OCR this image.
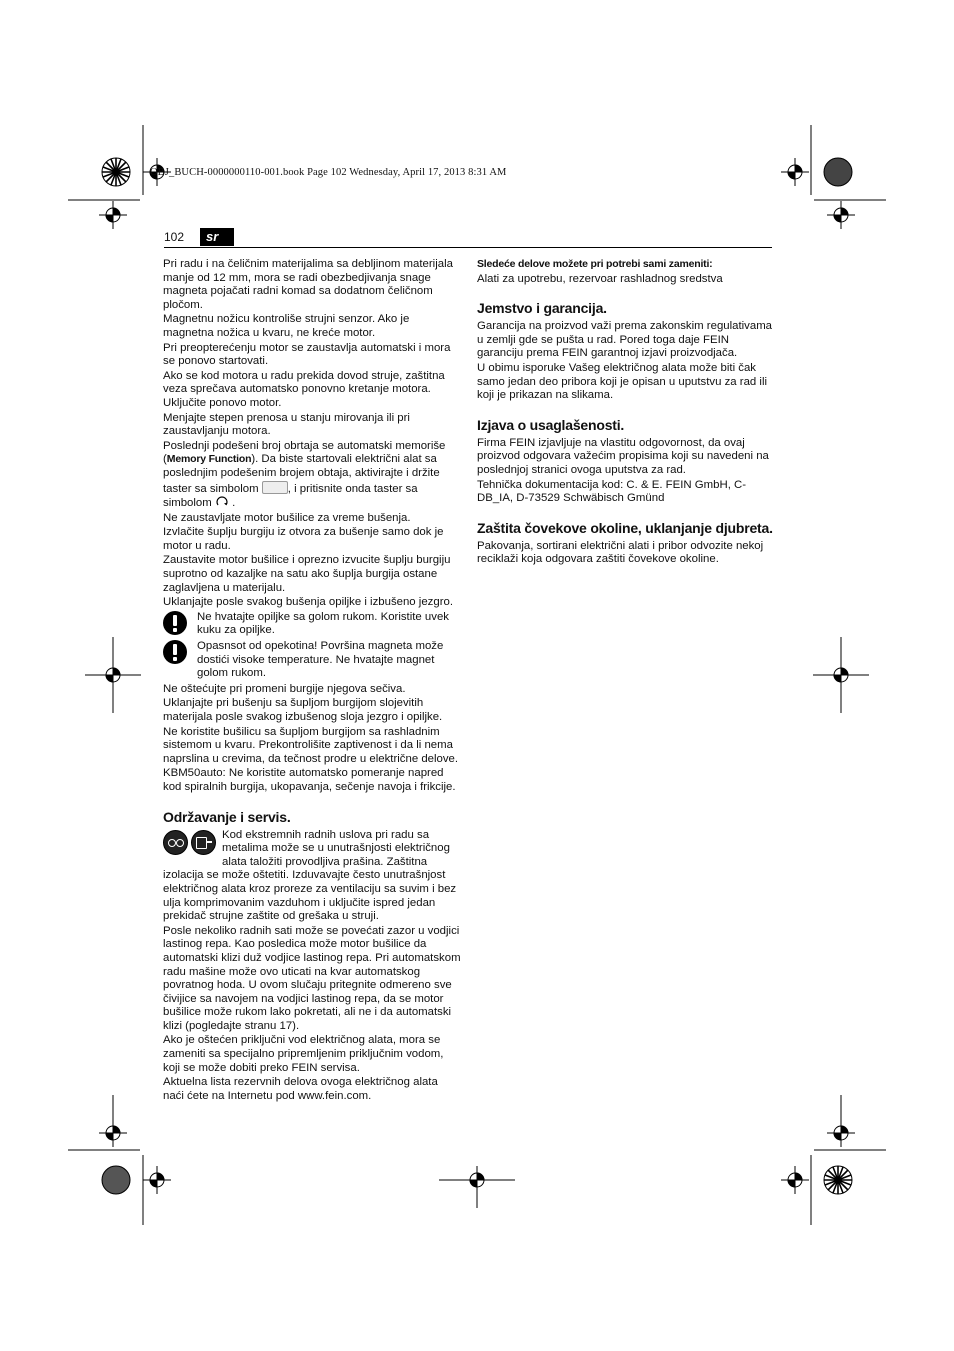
OBJ_BUCH-0000000110-001.book Page 102 Wednesday, April 17, 2013 8:31 AM
102	sr

Pri radu i na čeličnim materijalima sa debljinom materijala manje od 12 mm, mora se radi obezbedjivanja snage magneta pojačati radni komad sa dodatnom čeličnom pločom.

Magnetnu nožicu kontroliše strujni senzor. Ako je magnetna nožica u kvaru, ne kreće motor.

Pri preopterećenju motor se zaustavlja automatski i mora se ponovo startovati.

Ako se kod motora u radu prekida dovod struje, zaštitna veza sprečava automatsko ponovno kretanje motora. Uključite ponovo motor.

Menjajte stepen prenosa u stanju mirovanja ili pri zaustavljanju motora.

Poslednji podešeni broj obrtaja se automatski memoriše (Memory Function). Da biste startovali električni alat sa poslednjim podešenim brojem obtaja, aktivirajte i držite taster sa simbolom	, i pritisnite onda taster sa simbolom .

Ne zaustavljate motor bušilice za vreme bušenja.

Izvlačite šuplju burgiju iz otvora za bušenje samo dok je motor u radu.

Zaustavite motor bušilice i oprezno izvucite šuplju burgiju suprotno od kazaljke na satu ako šuplja burgija ostane zaglavljena u materijalu.

Uklanjajte posle svakog bušenja opiljke i izbušeno jezgro.

Ne hvatajte opiljke sa golom rukom. Koristite uvek kuku za opiljke.
Opasnsot od opekotina! Površina magneta može dostići visoke temperature. Ne hvatajte magnet golom rukom.

Ne oštećujte pri promeni burgije njegova sečiva.

Uklanjajte pri bušenju sa šupljom burgijom slojevitih materijala posle svakog izbušenog sloja jezgro i opiljke.

Ne koristite bušilicu sa šupljom burgijom sa rashladnim sistemom u kvaru. Prekontrolišite zaptivenost i da li nema naprslina u crevima, da tečnost prodre u električne delove.

KBM50auto: Ne koristite automatsko pomeranje napred kod spiralnih burgija, ukopavanja, sečenje navoja i frikcije.

Održavanje i servis.

Kod ekstremnih radnih uslova pri radu sa metalima može se u unutrašnjosti električnog alata taložiti provodljiva prašina. Zaštitna izolacija se može oštetiti. Izduvavajte često unutrašnjost električnog alata kroz proreze za ventilaciju sa suvim i bez ulja komprimovanim vazduhom i uključite ispred jedan prekidač strujne zaštite od grešaka u struji.

Posle nekoliko radnih sati može se povećati zazor u vodjici lastinog repa. Kao posledica može motor bušilice da automatski klizi duž vodjice lastinog repa. Pri automatskom radu mašine može ovo uticati na kvar automatskog povratnog hoda. U ovom slučaju pritegnite odmereno sve čivijice sa navojem na vodjici lastinog repa, da se motor bušilice može rukom lako pokretati, ali ne i da automatski klizi (pogledajte stranu 17).

Ako je oštećen priključni vod električnog alata, mora se zameniti sa specijalno pripremljenim priključnim vodom, koji se može dobiti preko FEIN servisa.

Aktuelna lista rezervnih delova ovoga električnog alata naći ćete na Internetu pod www.fein.com.

Sledeće delove možete pri potrebi sami zameniti:

Alati za upotrebu, rezervoar rashladnog sredstva

Jemstvo i garancija.

Garancija na proizvod važi prema zakonskim regulativama u zemlji gde se pušta u rad. Pored toga daje FEIN garanciju prema FEIN garantnoj izjavi proizvodjača.

U obimu isporuke Vašeg električnog alata može biti čak samo jedan deo pribora koji je opisan u uputstvu za rad ili koji je prikazan na slikama.

Izjava o usaglašenosti.

Firma FEIN izjavljuje na vlastitu odgovornost, da ovaj proizvod odgovara važećim propisima koji su navedeni na poslednjoj stranici ovoga uputstva za rad.

Tehnička dokumentacija kod: C. & E. FEIN GmbH, C-DB_IA, D-73529 Schwäbisch Gmünd

Zaštita čovekove okoline, uklanjanje djubreta.

Pakovanja, sortirani električni alati i pribor odvozite nekoj reciklaži koja odgovara zaštiti čovekove okoline.
